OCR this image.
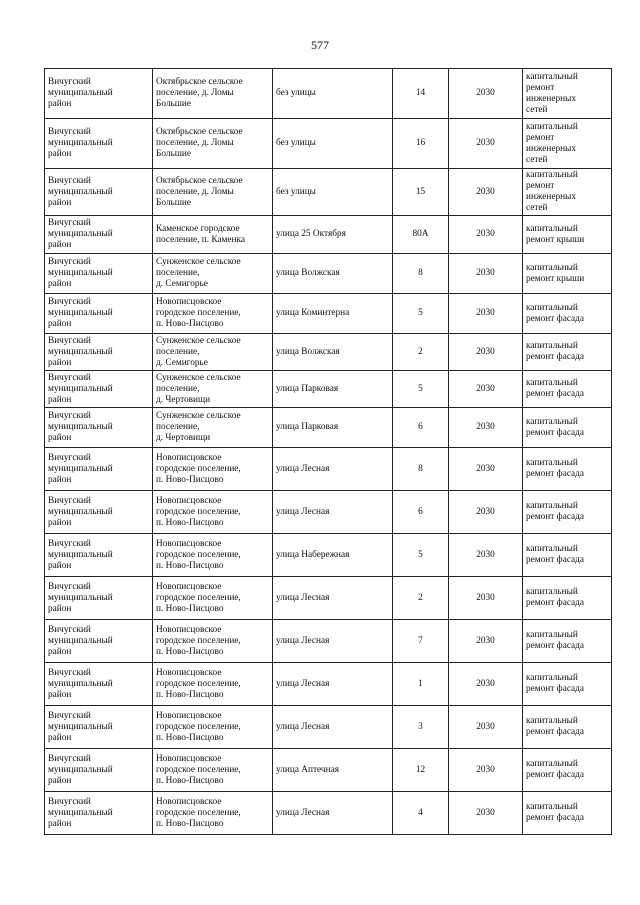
577
Вичугский
муниципальный
район	Октябрьское сельское
поселение, д. Ломы
Большие	без улицы	14	2030	капитальный
ремонт
инженерных
сетей
Вичугский
муниципальный
район	Октябрьское сельское
поселение, д. Ломы
Большие	без улицы	16	2030	капитальный
ремонт
инженерных
сетей
Вичугский
муниципальный
район	Октябрьское сельское
поселение, д. Ломы
Большие	без улицы	15	2030	капитальный
ремонт
инженерных
сетей
Вичугский
муниципальный
район	Каменское городское
поселение, п. Каменка	улица 25 Октября	80А	2030	капитальный
ремонт крыши
Вичугский
муниципальный
район	Сунженское сельское
поселение,
д. Семигорье	улица Волжская	8	2030	капитальный
ремонт крыши
Вичугский
муниципальный
район	Новописцовское
городское поселение,
п. Ново-Писцово	улица Коминтерна	5	2030	капитальный
ремонт фасада
Вичугский
муниципальный
район	Сунженское сельское
поселение,
д. Семигорье	улица Волжская	2	2030	капитальный
ремонт фасада
Вичугский
муниципальный
район	Сунженское сельское
поселение,
д. Чертовищи	улица Парковая	5	2030	капитальный
ремонт фасада
Вичугский
муниципальный
район	Сунженское сельское
поселение,
д. Чертовищи	улица Парковая	6	2030	капитальный
ремонт фасада
Вичугский
муниципальный
район	Новописцовское
городское поселение,
п. Ново-Писцово	улица Лесная	8	2030	капитальный
ремонт фасада
Вичугский
муниципальный
район	Новописцовское
городское поселение,
п. Ново-Писцово	улица Лесная	6	2030	капитальный
ремонт фасада
Вичугский
муниципальный
район	Новописцовское
городское поселение,
п. Ново-Писцово	улица Набережная	5	2030	капитальный
ремонт фасада
Вичугский
муниципальный
район	Новописцовское
городское поселение,
п. Ново-Писцово	улица Лесная	2	2030	капитальный
ремонт фасада
Вичугский
муниципальный
район	Новописцовское
городское поселение,
п. Ново-Писцово	улица Лесная	7	2030	капитальный
ремонт фасада
Вичугский
муниципальный
район	Новописцовское
городское поселение,
п. Ново-Писцово	улица Лесная	1	2030	капитальный
ремонт фасада
Вичугский
муниципальный
район	Новописцовское
городское поселение,
п. Ново-Писцово	улица Лесная	3	2030	капитальный
ремонт фасада
Вичугский
муниципальный
район	Новописцовское
городское поселение,
п. Ново-Писцово	улица Аптечная	12	2030	капитальный
ремонт фасада
Вичугский
муниципальный
район	Новописцовское
городское поселение,
п. Ново-Писцово	улица Лесная	4	2030	капитальный
ремонт фасада
